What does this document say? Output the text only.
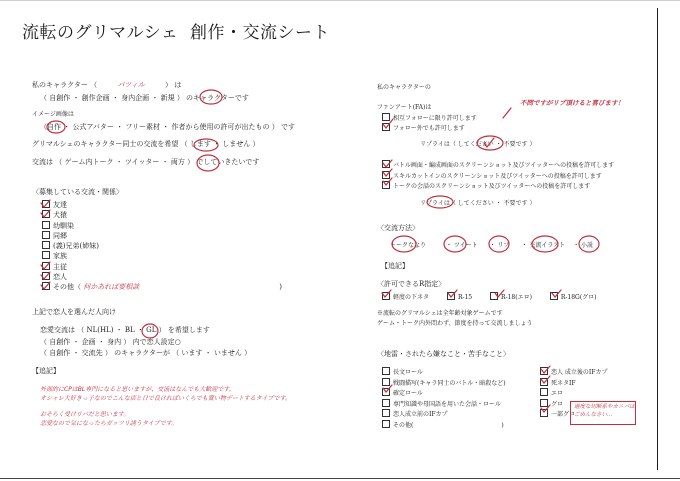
流転のグリマルシェ 創作・交流シート
私のキャラクター （	パツィル	） は
（ 自創作 ・ 創作企画 ・ 身内企画 ・ 新規 ） のキャラクターです
イメージ画像は
（自作 ・ 公式アバター ・ フリー素材 ・ 作者から使用の許可が出たもの ） です
グリマルシェのキャラクター同士の交流を希望 （ します ・ しません ）
交流は （ ゲーム内トーク ・ ツイッター ・ 両方 ） でしていきたいです
〈募集している交流・関係〉
友達
犬猿
幼馴染
同郷
(義)兄弟(姉妹)
家族
主従
恋人
その他（ 何かあれば要相談	)
上記で恋人を選んだ人向け
恋愛交流は （ NL(HL) ・ BL ・ GL ） を希望します
（ 自創作 ・ 企画 ・ 身内 ） 内で恋人設定○
（ 自創作 ・ 交流先 ） のキャラクターが （ います ・ いません ）
【追記】
外部的にCPはBL専門になると思いますが、交流はなんでも大歓迎です。
オシャレ大好きっ子なのでこんな店と日で良ければいくらでも買い物デートするタイプです。
おそらく受けリバだと思います。
恋愛なので気になったらガッツリ誘うタイプです。
私のキャラクターの
ファンアート(FA)は
不問ですがリプ頂けると喜びます！
相互フォローに限り許可します
フォロー外でも許可します
リプライは（ してください ・ 不要です ）
バトル画面・編成画面のスクリーンショット及びツイッターへの投稿を許可します
スキルカットインのスクリーンショット及びツイッターへの投稿を許可します
トークの会話のスクリーンショット及びツイッターへの投稿を許可します
リプライは（ してください ・ 不要です ）
〈交流方法〉
トークななり	・ ツイート ・ リプ ・ 交流イラスト ・ 小説
【追記】
〈許可できるR指定〉
軽度の下ネタ	R-15	R-18(エロ)	R-18G(グロ)
※流転のグリマルシェは全年齢対象ゲームです
ゲーム・トーク内外問わず、節度を持って交流しましょう
〈地雷・されたら嫌なこと・苦手なこと〉
長文ロール
戦闘描写(キャラ同士のバトル・暗殺など)
確定ロール
専門知識や母国語を用いた会話・ロール
恋人成立前のIFカプ
その他(	)
恋人 成立後のIFカプ
死ネタIF
エロ
グロ
一部グロ
過度な切断系やカニバは
ごめんなさい…
